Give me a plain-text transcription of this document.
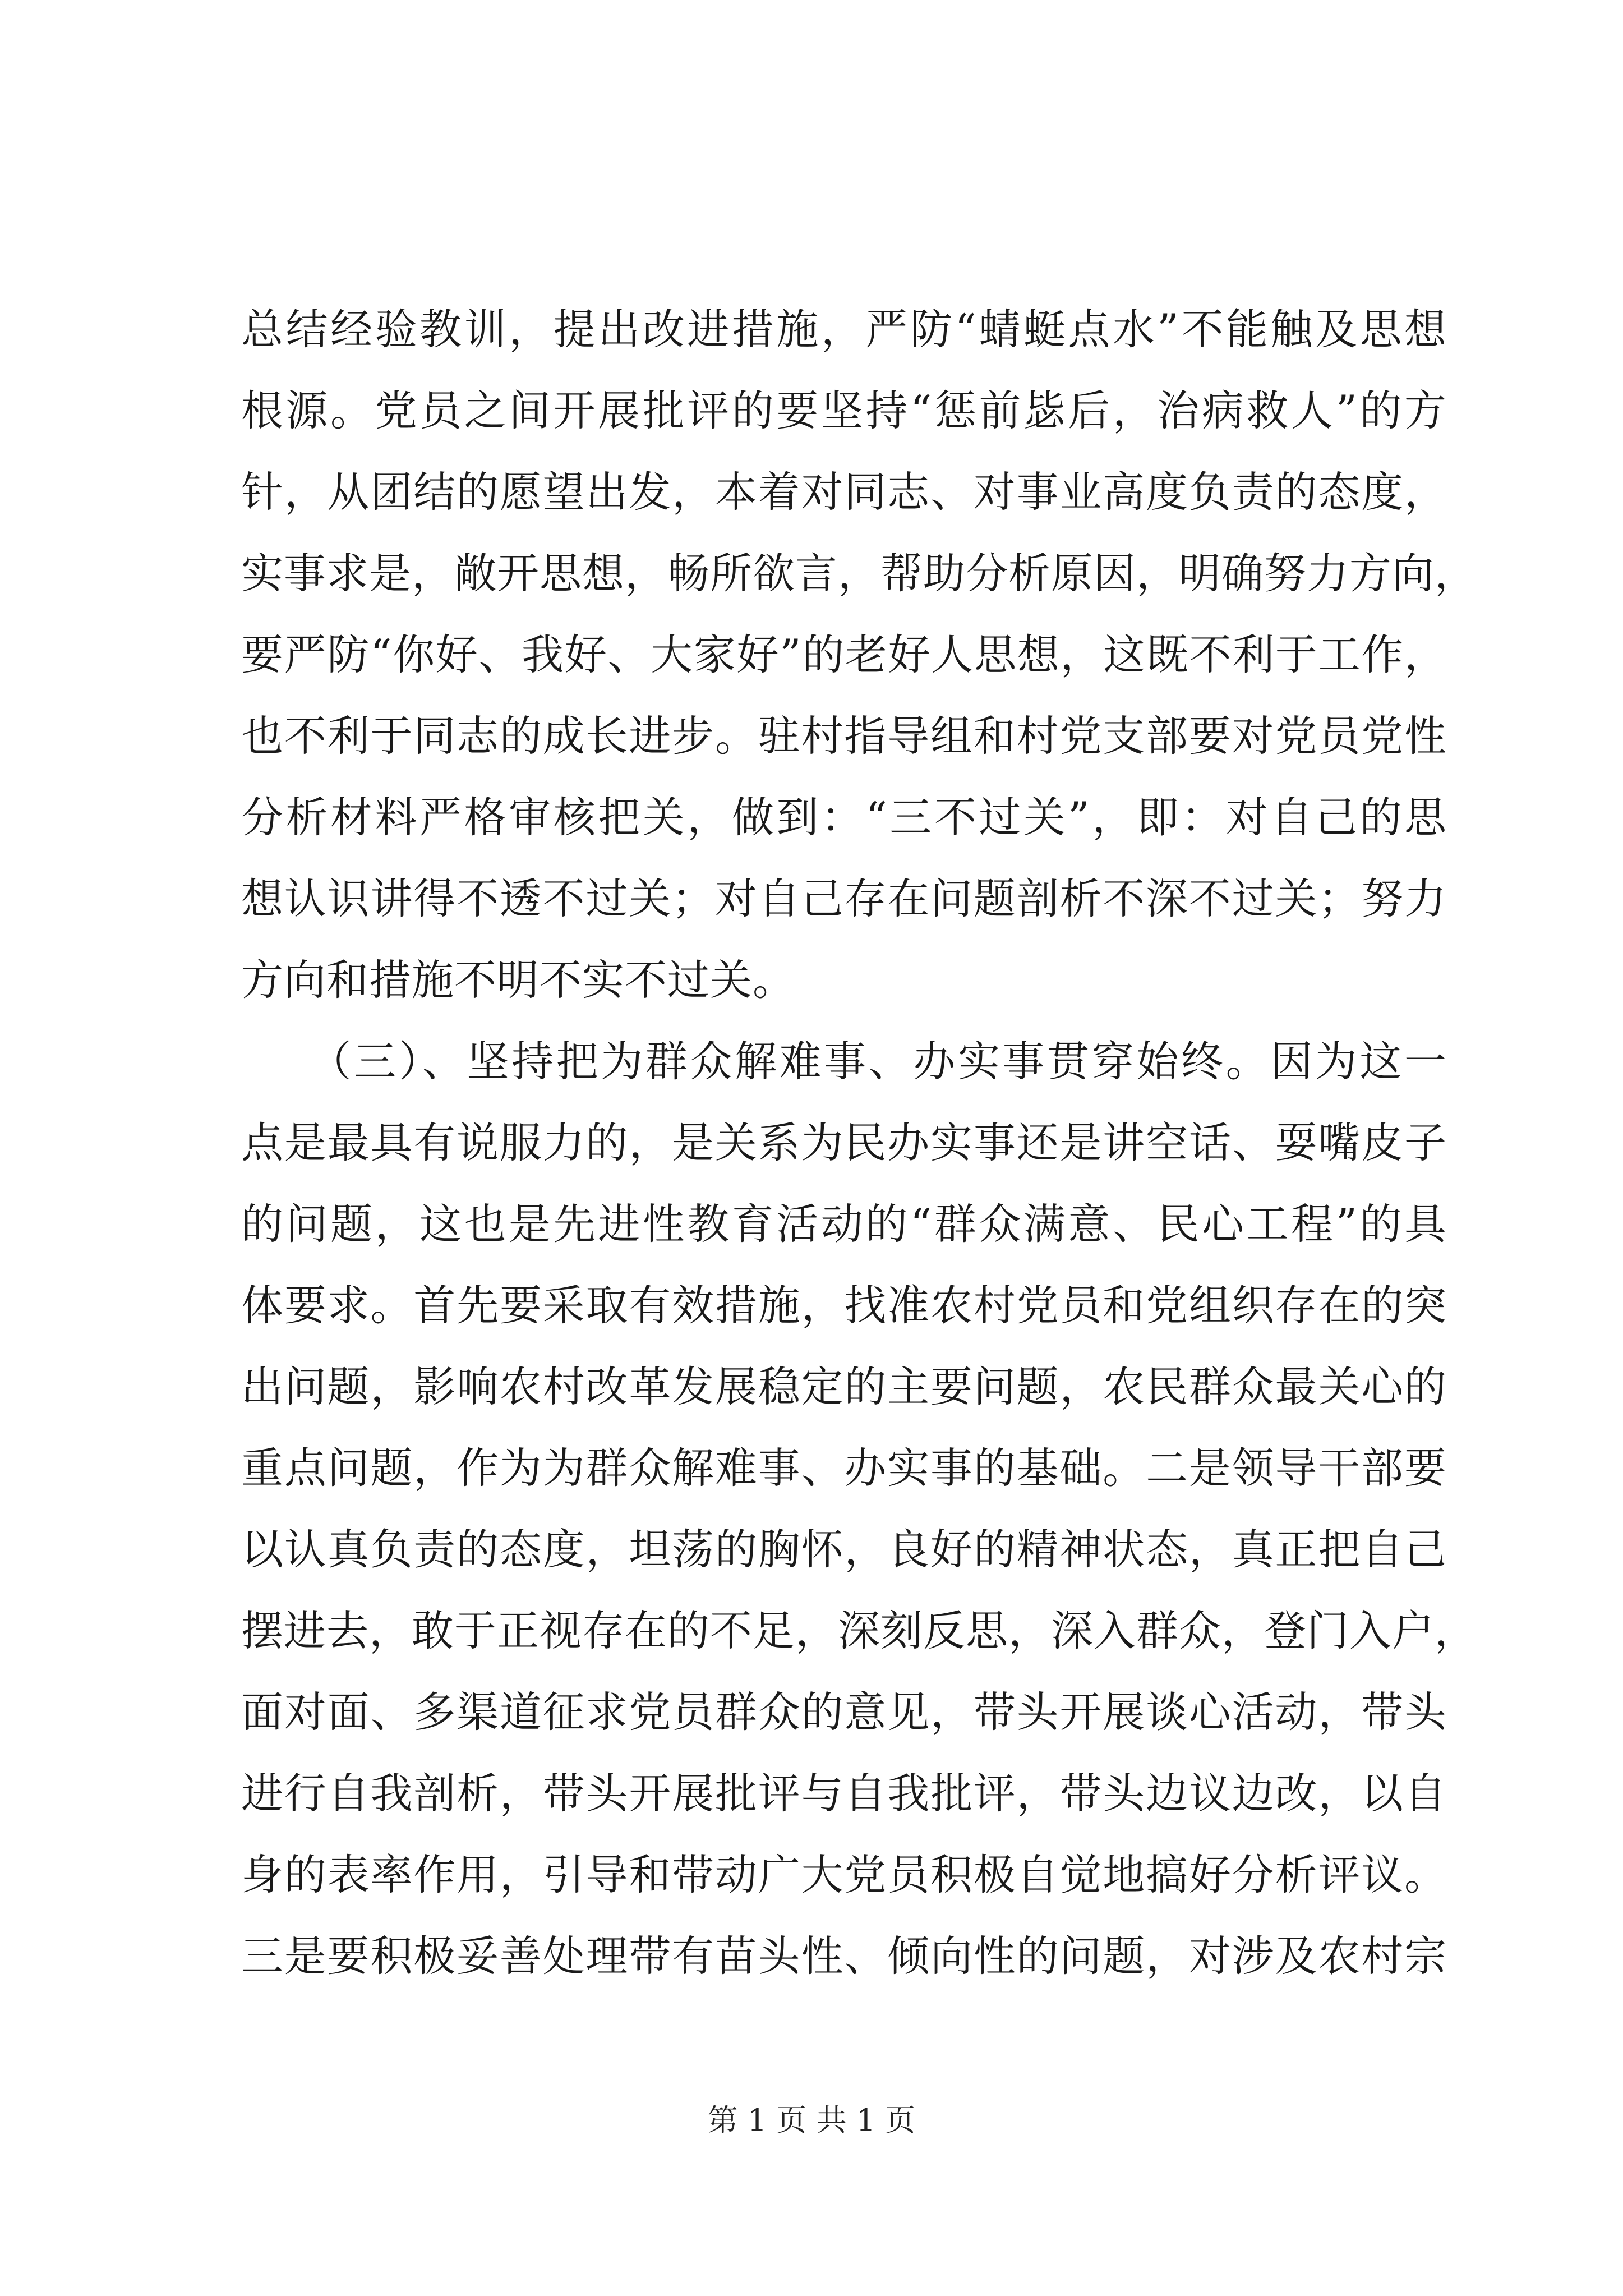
总结经验教训，提出改进措施，严防“蜻蜓点水”不能触及思想
根源。党员之间开展批评的要坚持“惩前毖后，治病救人”的方
针，从团结的愿望出发，本着对同志、对事业高度负责的态度，
实事求是，敞开思想，畅所欲言，帮助分析原因，明确努力方向，
要严防“你好、我好、大家好”的老好人思想，这既不利于工作，
也不利于同志的成长进步。驻村指导组和村党支部要对党员党性
分析材料严格审核把关，做到：“三不过关”，即：对自己的思
想认识讲得不透不过关；对自己存在问题剖析不深不过关；努力
方向和措施不明不实不过关。
　　（三）、坚持把为群众解难事、办实事贯穿始终。因为这一
点是最具有说服力的，是关系为民办实事还是讲空话、耍嘴皮子
的问题，这也是先进性教育活动的“群众满意、民心工程”的具
体要求。首先要采取有效措施，找准农村党员和党组织存在的突
出问题，影响农村改革发展稳定的主要问题，农民群众最关心的
重点问题，作为为群众解难事、办实事的基础。二是领导干部要
以认真负责的态度，坦荡的胸怀，良好的精神状态，真正把自己
摆进去，敢于正视存在的不足，深刻反思，深入群众，登门入户，
面对面、多渠道征求党员群众的意见，带头开展谈心活动，带头
进行自我剖析，带头开展批评与自我批评，带头边议边改，以自
身的表率作用，引导和带动广大党员积极自觉地搞好分析评议。
三是要积极妥善处理带有苗头性、倾向性的问题，对涉及农村宗
第 1 页 共 1 页
